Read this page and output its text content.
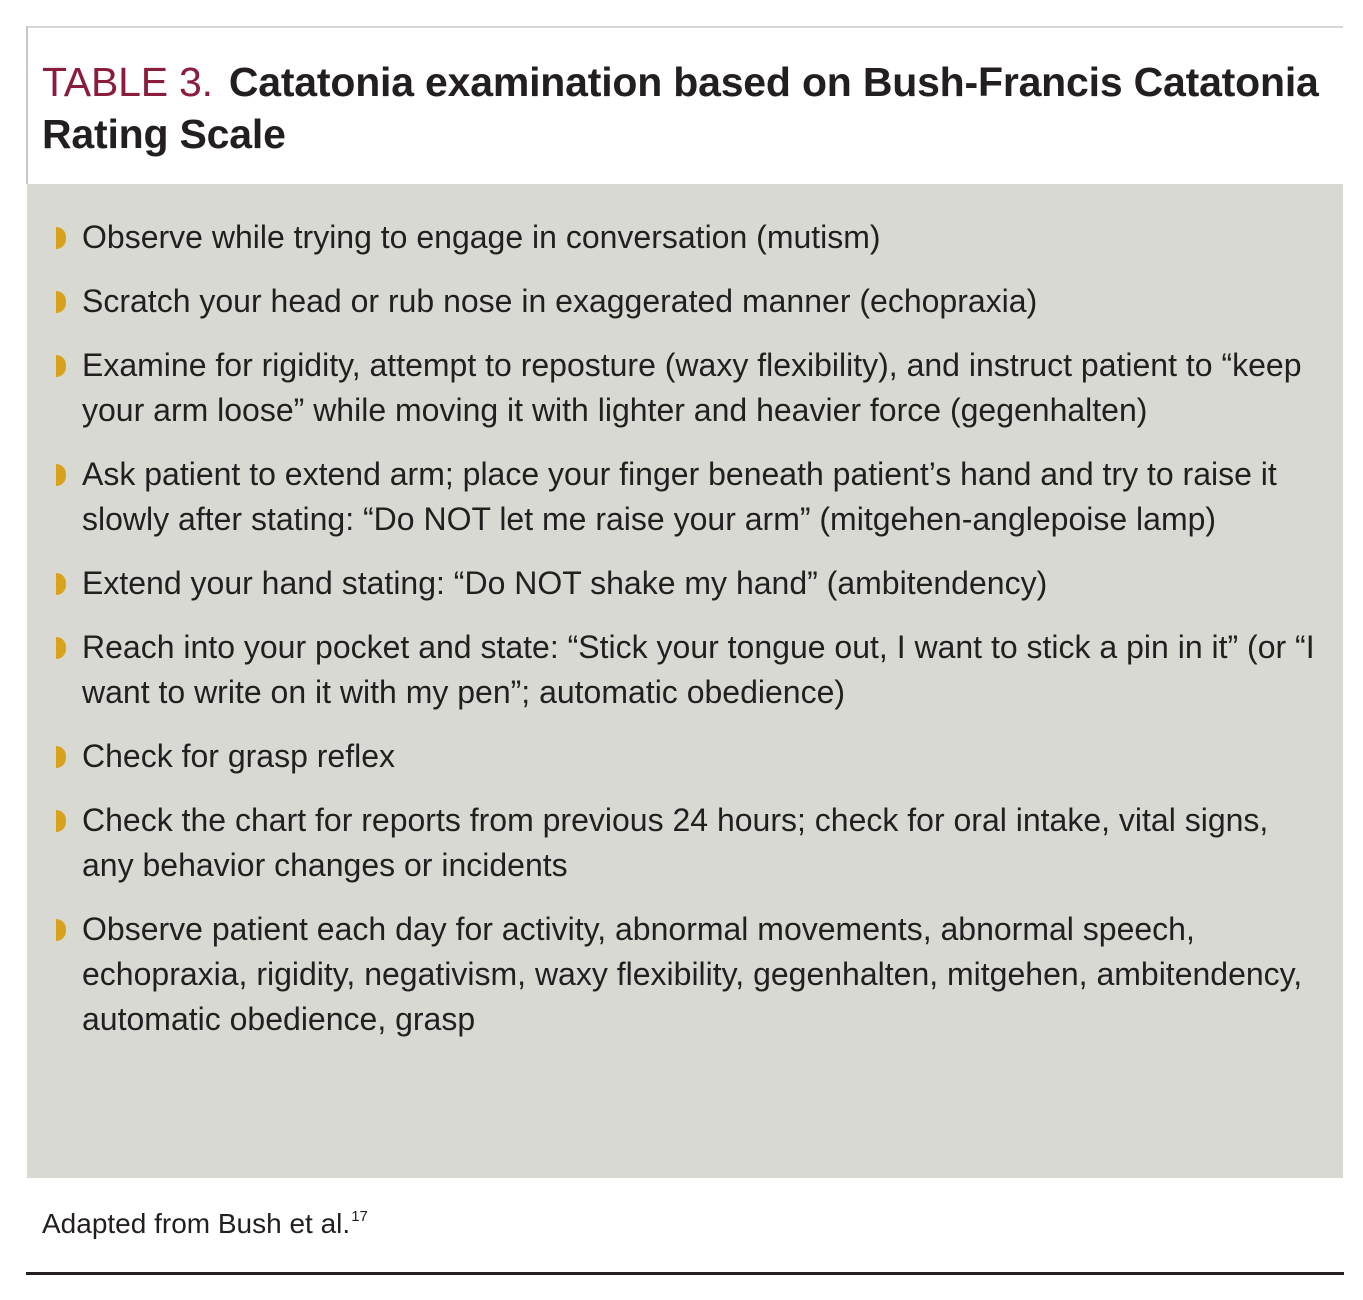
TABLE 3. Catatonia examination based on Bush-Francis Catatonia Rating Scale
Observe while trying to engage in conversation (mutism)
Scratch your head or rub nose in exaggerated manner (echopraxia)
Examine for rigidity, attempt to reposture (waxy flexibility), and instruct patient to “keep your arm loose” while moving it with lighter and heavier force (gegenhalten)
Ask patient to extend arm; place your finger beneath patient’s hand and try to raise it slowly after stating: “Do NOT let me raise your arm” (mitgehen-anglepoise lamp)
Extend your hand stating: “Do NOT shake my hand” (ambitendency)
Reach into your pocket and state: “Stick your tongue out, I want to stick a pin in it” (or “I want to write on it with my pen”; automatic obedience)
Check for grasp reflex
Check the chart for reports from previous 24 hours; check for oral intake, vital signs, any behavior changes or incidents
Observe patient each day for activity, abnormal movements, abnormal speech, echopraxia, rigidity, negativism, waxy flexibility, gegenhalten, mitgehen, ambitendency, automatic obedience, grasp

Adapted from Bush et al.$^{17}$
